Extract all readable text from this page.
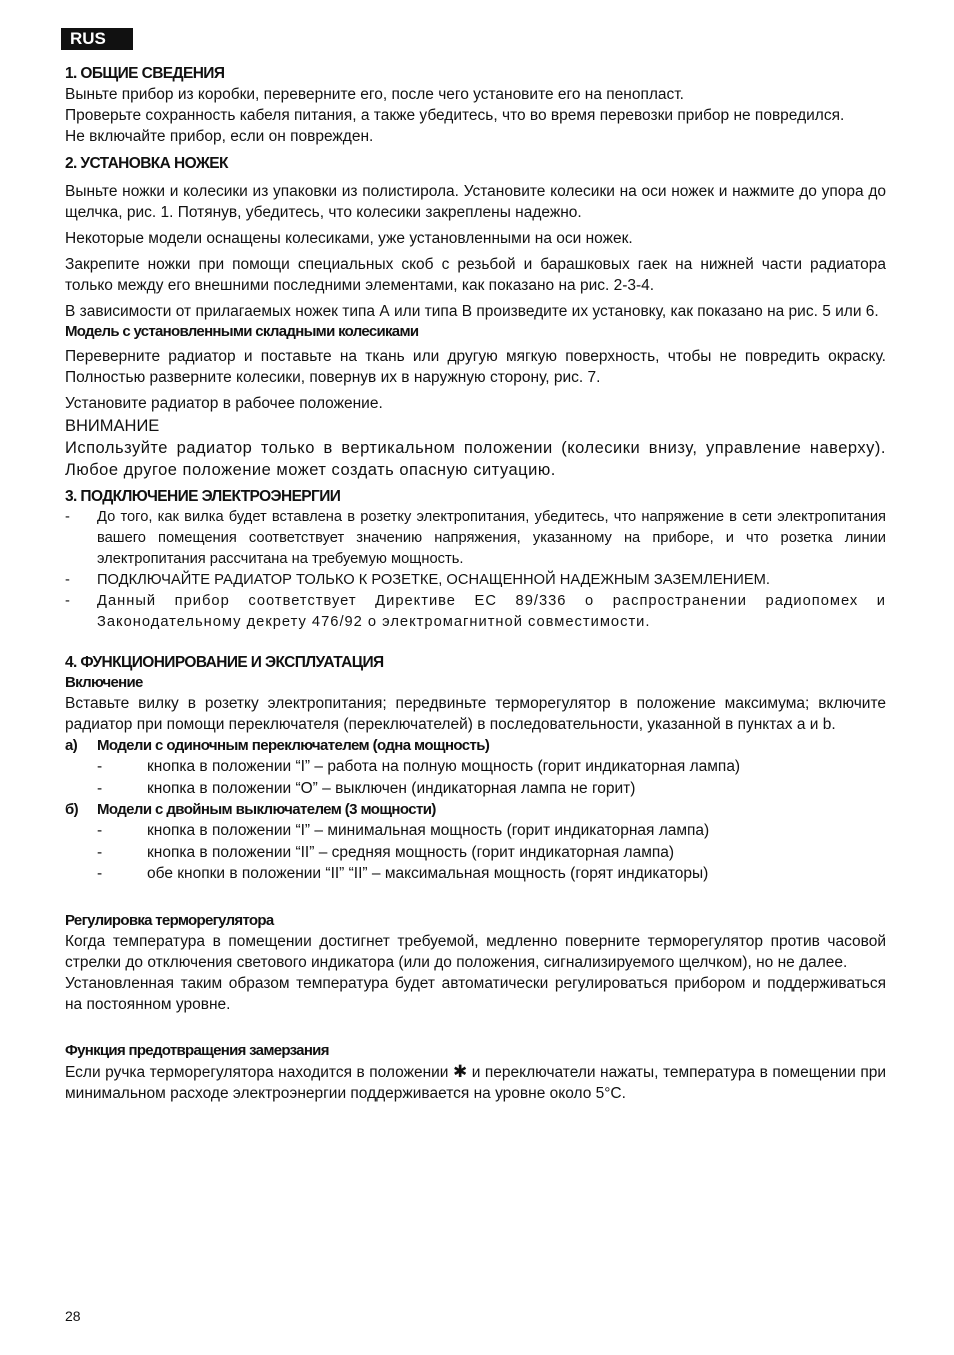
RUS

1. ОБЩИЕ СВЕДЕНИЯ

Выньте прибор из коробки, переверните его, после чего установите его на пенопласт.

Проверьте сохранность кабеля питания, а также убедитесь, что во время перевозки прибор не повредился.

Не включайте прибор, если он поврежден.

2. УСТАНОВКА НОЖЕК

Выньте ножки и колесики из упаковки из полистирола. Установите колесики на оси ножек и нажмите до упора до щелчка, рис. 1. Потянув, убедитесь, что колесики закреплены надежно.

Некоторые модели оснащены колесиками, уже установленными на оси ножек.

Закрепите ножки при помощи специальных скоб с резьбой и барашковых гаек на нижней части радиатора только между его внешними последними элементами, как показано на рис. 2-3-4.

В зависимости от прилагаемых ножек типа А или типа В произведите их установку, как показано на рис. 5 или 6.

Модель с установленными складными колесиками

Переверните радиатор и поставьте на ткань или другую мягкую поверхность, чтобы не повредить окраску. Полностью разверните колесики, повернув их в наружную сторону, рис. 7.

Установите радиатор в рабочее положение.

ВНИМАНИЕ

Используйте радиатор только в вертикальном положении (колесики внизу, управление наверху). Любое другое положение может создать опасную ситуацию.

3. ПОДКЛЮЧЕНИЕ ЭЛЕКТРОЭНЕРГИИ

- До того, как вилка будет вставлена в розетку электропитания, убедитесь, что напряжение в сети электропитания вашего помещения соответствует значению напряжения, указанному на приборе, и что розетка линии электропитания рассчитана на требуемую мощность.
- ПОДКЛЮЧАЙТЕ РАДИАТОР ТОЛЬКО К РОЗЕТКЕ, ОСНАЩЕННОЙ НАДЕЖНЫМ ЗАЗЕМЛЕНИЕМ.
- Данный прибор соответствует Директиве ЕС 89/336 о распространении радиопомех и Законодательному декрету 476/92 о электромагнитной совместимости.

4. ФУНКЦИОНИРОВАНИЕ И ЭКСПЛУАТАЦИЯ

Включение

Вставьте вилку в розетку электропитания; передвиньте терморегулятор в положение максимума; включите радиатор при помощи переключателя (переключателей) в последовательности, указанной в пунктах a и b.

а)	Модели с одиночным переключателем (одна мощность)
-	кнопка в положении “I” – работа на полную мощность (горит индикаторная лампа)
-	кнопка в положении “O” – выключен (индикаторная лампа не горит)
б)	Модели с двойным выключателем (3 мощности)
-	кнопка в положении “I” – минимальная мощность (горит индикаторная лампа)
-	кнопка в положении “II” – средняя мощность (горит индикаторная лампа)
-	обе кнопки в положении “II” “II” – максимальная мощность (горят индикаторы)

Регулировка терморегулятора

Когда температура в помещении достигнет требуемой, медленно поверните терморегулятор против часовой стрелки до отключения светового индикатора (или до положения, сигнализируемого щелчком), но не далее.

Установленная таким образом температура будет автоматически регулироваться прибором и поддерживаться на постоянном уровне.

Функция предотвращения замерзания

Если ручка терморегулятора находится в положении ✱ и переключатели нажаты, температура в помещении при минимальном расходе электроэнергии поддерживается на уровне около 5°C.

28
